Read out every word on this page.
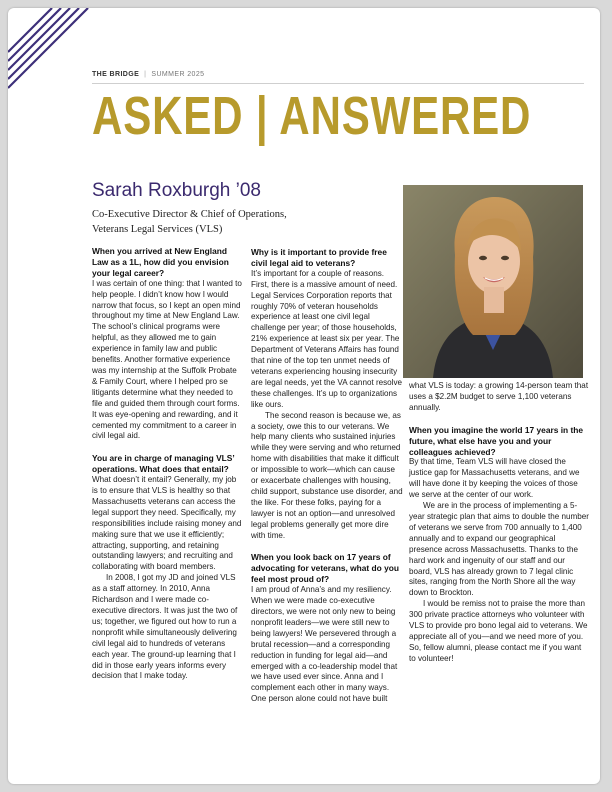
THE BRIDGE | SUMMER 2025
ASKED | ANSWERED
Sarah Roxburgh ’08
Co-Executive Director & Chief of Operations,
Veterans Legal Services (VLS)

When you arrived at New England Law as a 1L, how did you envision your legal career?

I was certain of one thing: that I wanted to help people. I didn’t know how I would narrow that focus, so I kept an open mind throughout my time at New England Law. The school’s clinical programs were helpful, as they allowed me to gain experience in family law and public benefits. Another formative experience was my internship at the Suffolk Probate & Family Court, where I helped pro se litigants determine what they needed to file and guided them through court forms. It was eye-opening and rewarding, and it cemented my commitment to a career in civil legal aid.

You are in charge of managing VLS’ operations. What does that entail?

What doesn’t it entail? Generally, my job is to ensure that VLS is healthy so that Massachusetts veterans can access the legal support they need. Specifically, my responsibilities include raising money and making sure that we use it efficiently; attracting, supporting, and retaining outstanding lawyers; and recruiting and collaborating with board members.

In 2008, I got my JD and joined VLS as a staff attorney. In 2010, Anna Richardson and I were made co-executive directors. It was just the two of us; together, we figured out how to run a nonprofit while simultaneously delivering civil legal aid to hundreds of veterans each year. The ground-up learning that I did in those early years informs every decision that I make today.

Why is it important to provide free civil legal aid to veterans?

It’s important for a couple of reasons. First, there is a massive amount of need. Legal Services Corporation reports that roughly 70% of veteran households experience at least one civil legal challenge per year; of those households, 21% experience at least six per year. The Department of Veterans Affairs has found that nine of the top ten unmet needs of veterans experiencing housing insecurity are legal needs, yet the VA cannot resolve these challenges. It’s up to organizations like ours.

The second reason is because we, as a society, owe this to our veterans. We help many clients who sustained injuries while they were serving and who returned home with disabilities that make it difficult or impossible to work—which can cause or exacerbate challenges with housing, child support, substance use disorder, and the like. For these folks, paying for a lawyer is not an option—and unresolved legal problems generally get more dire with time.

When you look back on 17 years of advocating for veterans, what do you feel most proud of?

I am proud of Anna’s and my resiliency. When we were made co-executive directors, we were not only new to being nonprofit leaders—we were still new to being lawyers! We persevered through a brutal recession—and a corresponding reduction in funding for legal aid—and emerged with a co-leadership model that we have used ever since. Anna and I complement each other in many ways. One person alone could not have built

what VLS is today: a growing 14-person team that uses a $2.2M budget to serve 1,100 veterans annually.

When you imagine the world 17 years in the future, what else have you and your colleagues achieved?

By that time, Team VLS will have closed the justice gap for Massachusetts veterans, and we will have done it by keeping the voices of those we serve at the center of our work.

We are in the process of implementing a 5-year strategic plan that aims to double the number of veterans we serve from 700 annually to 1,400 annually and to expand our geographical presence across Massachusetts. Thanks to the hard work and ingenuity of our staff and our board, VLS has already grown to 7 legal clinic sites, ranging from the North Shore all the way down to Brockton.

I would be remiss not to praise the more than 300 private practice attorneys who volunteer with VLS to provide pro bono legal aid to veterans. We appreciate all of you—and we need more of you. So, fellow alumni, please contact me if you want to volunteer!
